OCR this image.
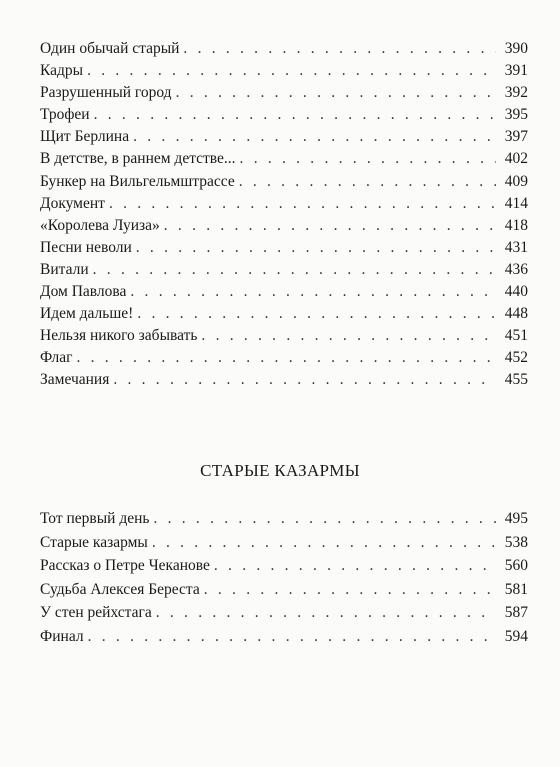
Один обычай старый . . .	390
Кадры . . .	391
Разрушенный город . . .	392
Трофеи . . .	395
Щит Берлина . . .	397
В детстве, в раннем детстве... . . .	402
Бункер на Вильгельмштрассе . . .	409
Документ . . .	414
«Королева Луиза» . . .	418
Песни неволи . . .	431
Витали . . .	436
Дом Павлова . . .	440
Идем дальше! . . .	448
Нельзя никого забывать . . .	451
Флаг . . .	452
Замечания . . .	455
СТАРЫЕ КАЗАРМЫ
Тот первый день . . .	495
Старые казармы . . .	538
Рассказ о Петре Чеканове . . .	560
Судьба Алексея Береста . . .	581
У стен рейхстага . . .	587
Финал . . .	594
